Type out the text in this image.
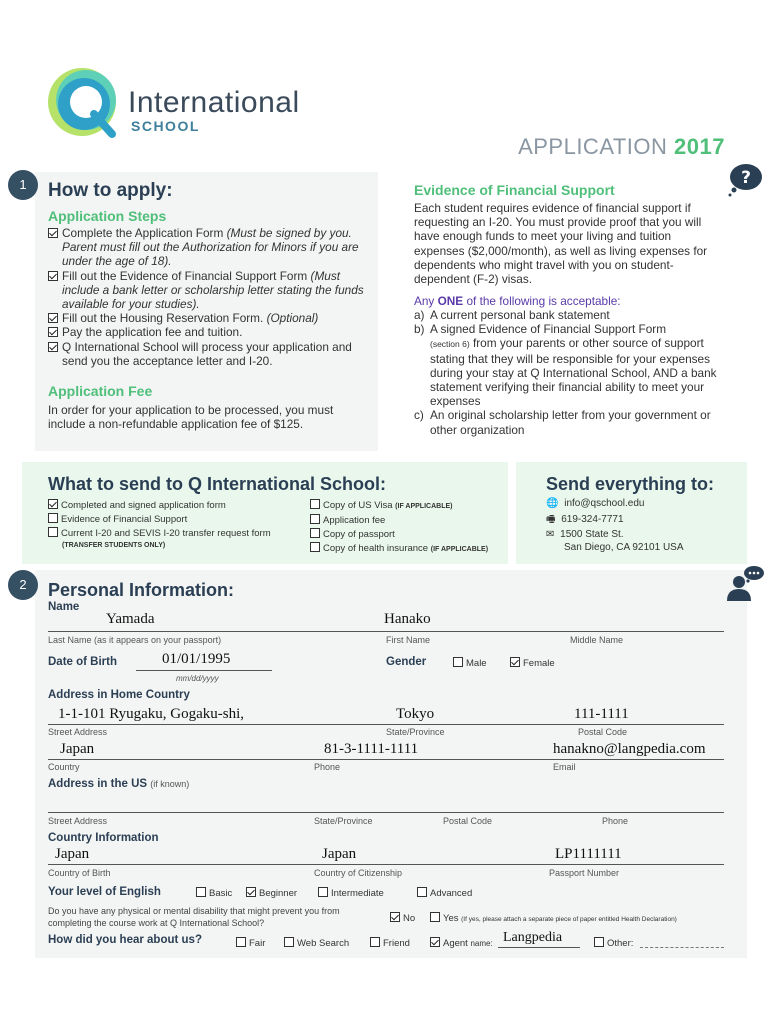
International
SCHOOL
APPLICATION 2017
?
1	How to apply:
Application Steps
Complete the Application Form (Must be signed by you. Parent must fill out the Authorization for Minors if you are under the age of 18).
Fill out the Evidence of Financial Support Form (Must include a bank letter or scholarship letter stating the funds available for your studies).
Fill out the Housing Reservation Form. (Optional)
Pay the application fee and tuition.
Q International School will process your application and send you the acceptance letter and I-20.
Application Fee
In order for your application to be processed, you must include a non-refundable application fee of $125.
Evidence of Financial Support
Each student requires evidence of financial support if requesting an I-20. You must provide proof that you will have enough funds to meet your living and tuition expenses ($2,000/month), as well as living expenses for dependents who might travel with you on student-dependent (F-2) visas.
Any ONE of the following is acceptable:
a) A current personal bank statement
b) A signed Evidence of Financial Support Form
(section 6) from your parents or other source of support stating that they will be responsible for your expenses during your stay at Q International School, AND a bank statement verifying their financial ability to meet your expenses
c) An original scholarship letter from your government or other organization
What to send to Q International School:
Completed and signed application form
Evidence of Financial Support
Current I-20 and SEVIS I-20 transfer request form
(TRANSFER STUDENTS ONLY)
Copy of US Visa (IF APPLICABLE)
Application fee
Copy of passport
Copy of health insurance (IF APPLICABLE)
Send everything to:
🌐 info@qschool.edu
🖷 619-324-7771
✉ 1500 State St.
San Diego, CA 92101 USA
2	Personal Information:
Name
Yamada	Hanako
Last Name (as it appears on your passport)	First Name	Middle Name
Date of Birth	01/01/1995
mm/dd/yyyy
Gender	Male	Female
Address in Home Country
1-1-101 Ryugaku, Gogaku-shi,	Tokyo	111-1111
Street Address	State/Province	Postal Code
Japan	81-3-1111-1111	hanakno@langpedia.com
Country	Phone	Email
Address in the US (if known)
Street Address	State/Province	Postal Code	Phone
Country Information
Japan	Japan	LP1111111
Country of Birth	Country of Citizenship	Passport Number
Your level of English	Basic	Beginner	Intermediate	Advanced
Do you have any physical or mental disability that might prevent you from completing the course work at Q International School?	No	Yes (If yes, please attach a separate piece of paper entitled Health Declaration)
How did you hear about us?	Fair	Web Search	Friend	Agent name: Langpedia	Other:
